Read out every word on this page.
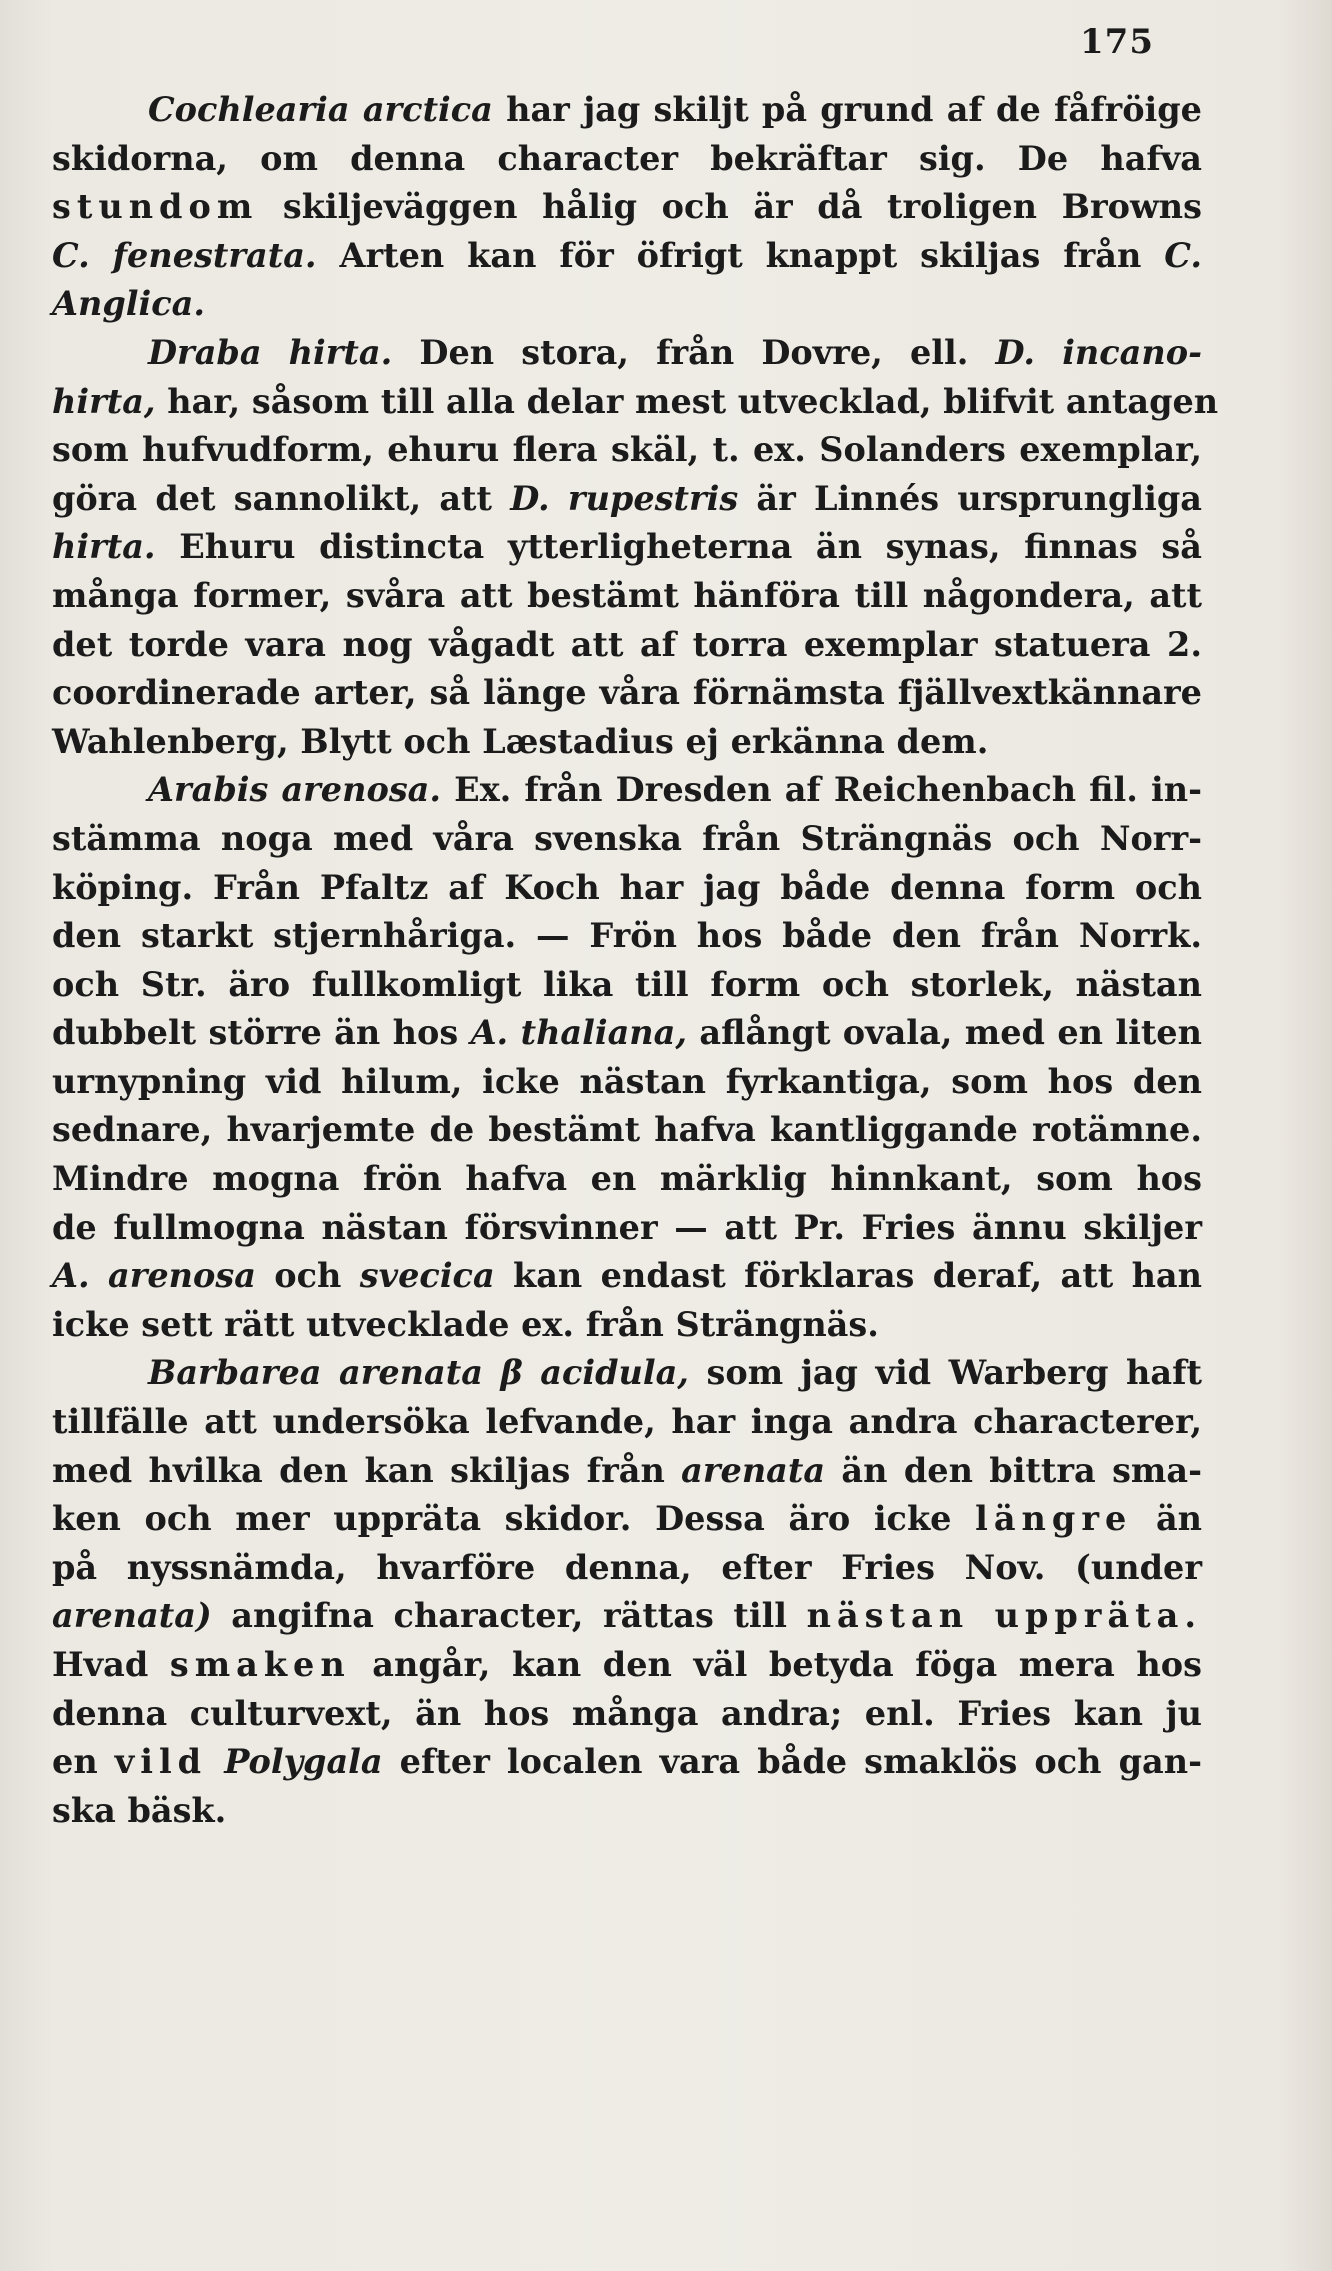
175
Cochlearia arctica har jag skiljt på grund af de fåfröige
skidorna, om denna character bekräftar sig. De hafva
stundom skiljeväggen hålig och är då troligen Browns
C. fenestrata. Arten kan för öfrigt knappt skiljas från C.
Anglica.
Draba hirta. Den stora, från Dovre, ell. D. incano-
hirta, har, såsom till alla delar mest utvecklad, blifvit antagen
som hufvudform, ehuru flera skäl, t. ex. Solanders exemplar,
göra det sannolikt, att D. rupestris är Linnés ursprungliga
hirta. Ehuru distincta ytterligheterna än synas, finnas så
många former, svåra att bestämt hänföra till någondera, att
det torde vara nog vågadt att af torra exemplar statuera 2.
coordinerade arter, så länge våra förnämsta fjällvextkännare
Wahlenberg, Blytt och Læstadius ej erkänna dem.
Arabis arenosa. Ex. från Dresden af Reichenbach fil. in-
stämma noga med våra svenska från Strängnäs och Norr-
köping. Från Pfaltz af Koch har jag både denna form och
den starkt stjernhåriga. — Frön hos både den från Norrk.
och Str. äro fullkomligt lika till form och storlek, nästan
dubbelt större än hos A. thaliana, aflångt ovala, med en liten
urnypning vid hilum, icke nästan fyrkantiga, som hos den
sednare, hvarjemte de bestämt hafva kantliggande rotämne.
Mindre mogna frön hafva en märklig hinnkant, som hos
de fullmogna nästan försvinner — att Pr. Fries ännu skiljer
A. arenosa och svecica kan endast förklaras deraf, att han
icke sett rätt utvecklade ex. från Strängnäs.
Barbarea arenata β acidula, som jag vid Warberg haft
tillfälle att undersöka lefvande, har inga andra characterer,
med hvilka den kan skiljas från arenata än den bittra sma-
ken och mer uppräta skidor. Dessa äro icke längre än
på nyssnämda, hvarföre denna, efter Fries Nov. (under
arenata) angifna character, rättas till nästan uppräta.
Hvad smaken angår, kan den väl betyda föga mera hos
denna culturvext, än hos många andra; enl. Fries kan ju
en vild Polygala efter localen vara både smaklös och gan-
ska bäsk.
